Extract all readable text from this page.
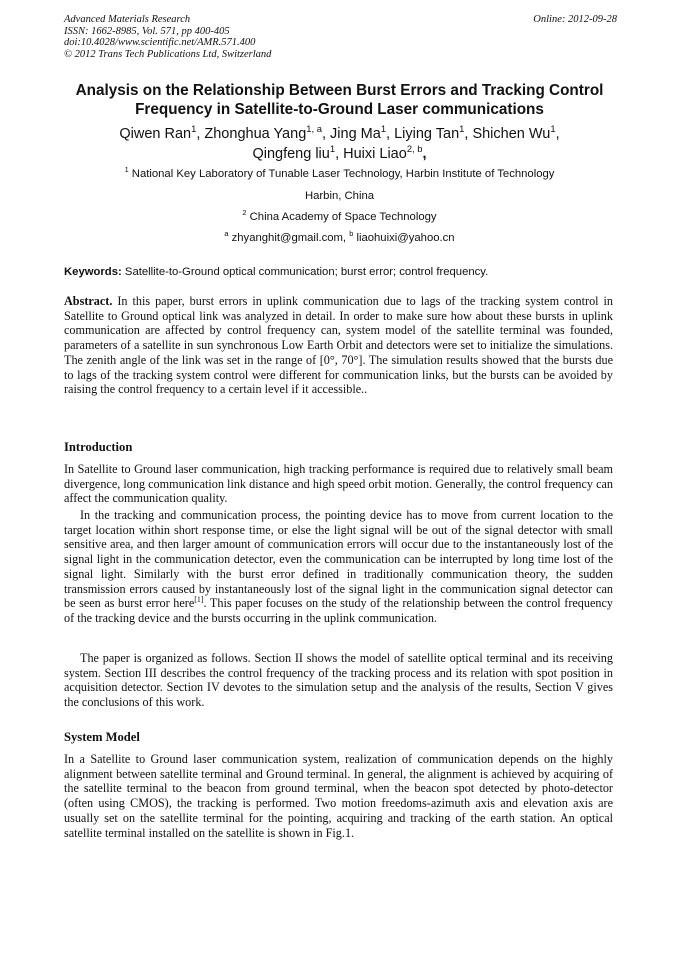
Advanced Materials Research
ISSN: 1662-8985, Vol. 571, pp 400-405
doi:10.4028/www.scientific.net/AMR.571.400
© 2012 Trans Tech Publications Ltd, Switzerland
Online: 2012-09-28
Analysis on the Relationship Between Burst Errors and Tracking Control
Frequency in Satellite-to-Ground Laser communications
Qiwen Ran$^1$, Zhonghua Yang$^{1, a}$, Jing Ma$^1$, Liying Tan$^1$, Shichen Wu$^1$,
Qingfeng liu$^1$, Huixi Liao$^{2, b}$,
$^1$ National Key Laboratory of Tunable Laser Technology, Harbin Institute of Technology
Harbin, China
$^2$ China Academy of Space Technology
$^a$ zhyanghit@gmail.com, $^b$ liaohuixi@yahoo.cn
Keywords: Satellite-to-Ground optical communication; burst error; control frequency.
Abstract. In this paper, burst errors in uplink communication due to lags of the tracking system control in Satellite to Ground optical link was analyzed in detail. In order to make sure how about these bursts in uplink communication are affected by control frequency can, system model of the satellite terminal was founded, parameters of a satellite in sun synchronous Low Earth Orbit and detectors were set to initialize the simulations. The zenith angle of the link was set in the range of [0°, 70°]. The simulation results showed that the bursts due to lags of the tracking system control were different for communication links, but the bursts can be avoided by raising the control frequency to a certain level if it accessible..
Introduction
In Satellite to Ground laser communication, high tracking performance is required due to relatively small beam divergence, long communication link distance and high speed orbit motion. Generally, the control frequency can affect the communication quality.
In the tracking and communication process, the pointing device has to move from current location to the target location within short response time, or else the light signal will be out of the signal detector with small sensitive area, and then larger amount of communication errors will occur due to the instantaneously lost of the signal light in the communication detector, even the communication can be interrupted by long time lost of the signal light. Similarly with the burst error defined in traditionally communication theory, the sudden transmission errors caused by instantaneously lost of the signal light in the communication signal detector can be seen as burst error here[1]. This paper focuses on the study of the relationship between the control frequency of the tracking device and the bursts occurring in the uplink communication.
The paper is organized as follows. Section II shows the model of satellite optical terminal and its receiving system. Section III describes the control frequency of the tracking process and its relation with spot position in acquisition detector. Section IV devotes to the simulation setup and the analysis of the results, Section V gives the conclusions of this work.
System Model
In a Satellite to Ground laser communication system, realization of communication depends on the highly alignment between satellite terminal and Ground terminal. In general, the alignment is achieved by acquiring of the satellite terminal to the beacon from ground terminal, when the beacon spot detected by photo-detector (often using CMOS), the tracking is performed. Two motion freedoms-azimuth axis and elevation axis are usually set on the satellite terminal for the pointing, acquiring and tracking of the earth station. An optical satellite terminal installed on the satellite is shown in Fig.1.
